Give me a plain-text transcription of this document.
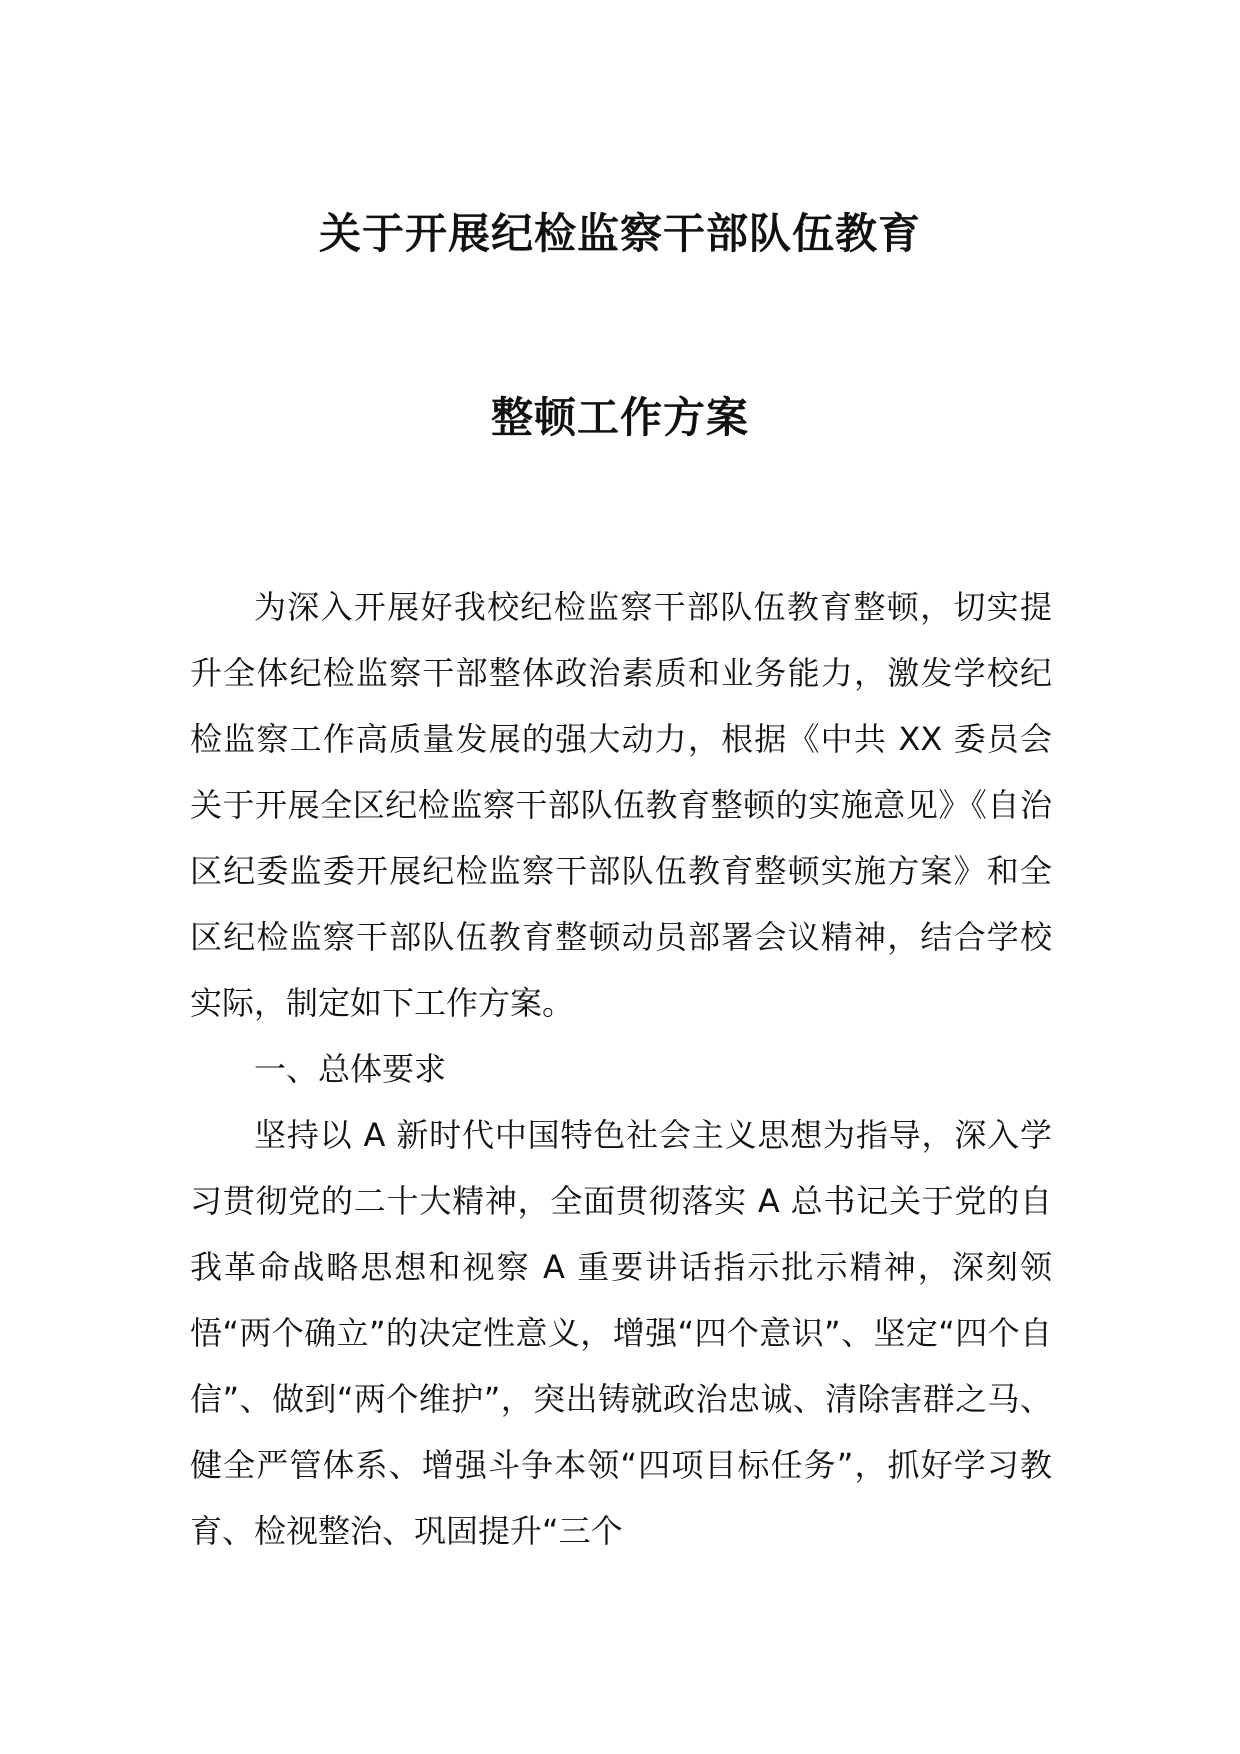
关于开展纪检监察干部队伍教育
整顿工作方案
为深入开展好我校纪检监察干部队伍教育整顿，切实提升全体纪检监察干部整体政治素质和业务能力，激发学校纪检监察工作高质量发展的强大动力，根据《中共 XX 委员会关于开展全区纪检监察干部队伍教育整顿的实施意见》《自治区纪委监委开展纪检监察干部队伍教育整顿实施方案》和全区纪检监察干部队伍教育整顿动员部署会议精神，结合学校实际，制定如下工作方案。
一、总体要求
坚持以 A 新时代中国特色社会主义思想为指导，深入学习贯彻党的二十大精神，全面贯彻落实 A 总书记关于党的自我革命战略思想和视察 A 重要讲话指示批示精神，深刻领悟“两个确立”的决定性意义，增强“四个意识”、坚定“四个自信”、做到“两个维护”，突出铸就政治忠诚、清除害群之马、健全严管体系、增强斗争本领“四项目标任务”，抓好学习教育、检视整治、巩固提升“三个
